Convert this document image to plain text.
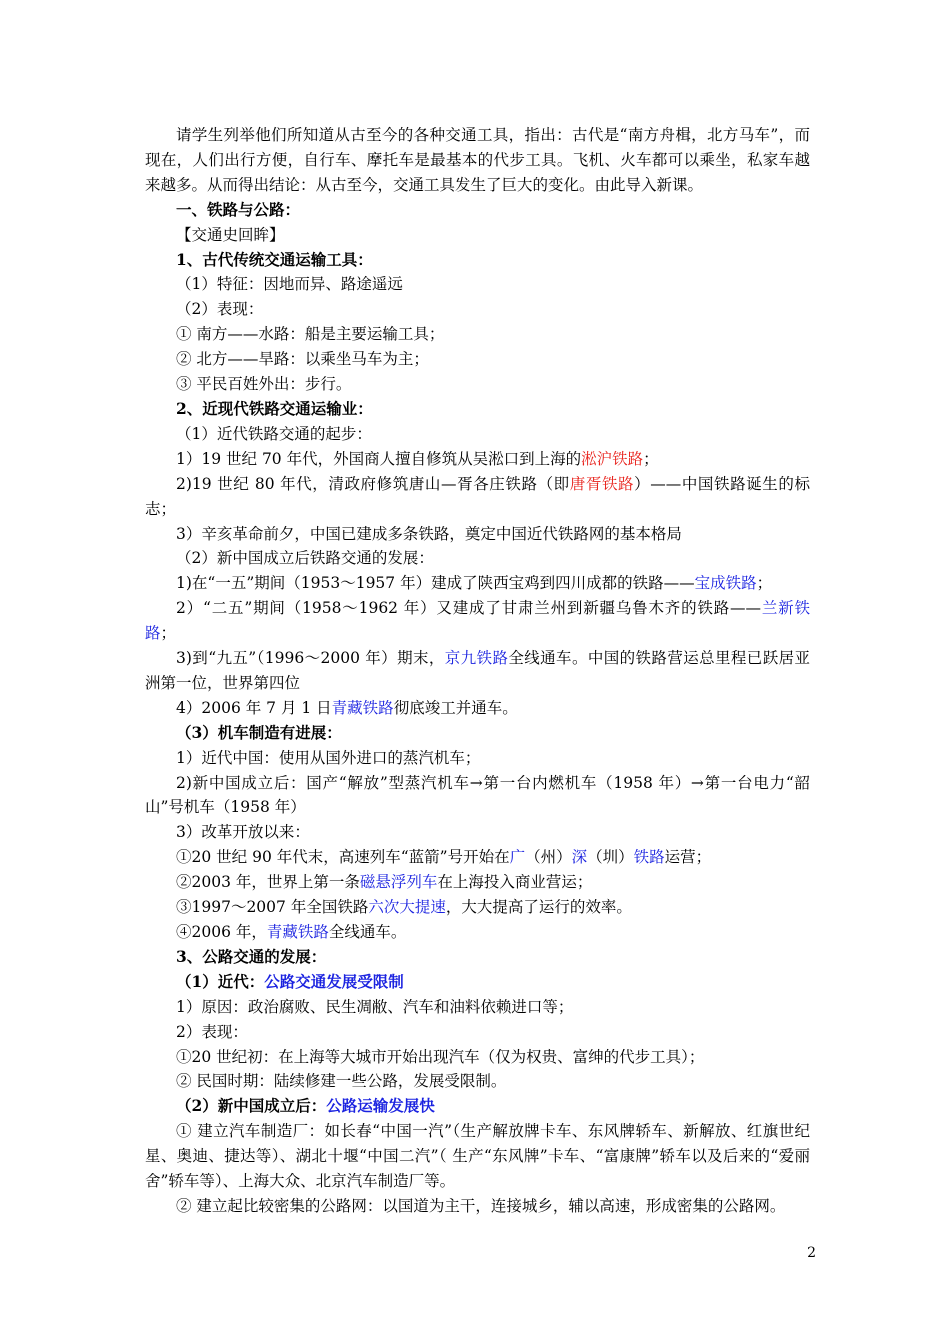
请学生列举他们所知道从古至今的各种交通工具，指出：古代是“南方舟楫，北方马车”，而现在，人们出行方便，自行车、摩托车是最基本的代步工具。飞机、火车都可以乘坐，私家车越来越多。从而得出结论：从古至今，交通工具发生了巨大的变化。由此导入新课。

一、铁路与公路：

【交通史回眸】

1、古代传统交通运输工具：

（1）特征：因地而异、路途遥远

（2）表现：

① 南方——水路：船是主要运输工具；

② 北方——旱路：以乘坐马车为主；

③ 平民百姓外出：步行。

2、近现代铁路交通运输业：

（1）近代铁路交通的起步：

1）19 世纪 70 年代，外国商人擅自修筑从吴淞口到上海的淞沪铁路；

2)19 世纪 80 年代，清政府修筑唐山—胥各庄铁路（即唐胥铁路）——中国铁路诞生的标志；

3）辛亥革命前夕，中国已建成多条铁路，奠定中国近代铁路网的基本格局

（2）新中国成立后铁路交通的发展：

1)在“一五”期间（1953～1957 年）建成了陕西宝鸡到四川成都的铁路——宝成铁路；

2）“二五”期间（1958～1962 年）又建成了甘肃兰州到新疆乌鲁木齐的铁路——兰新铁路；

3)到“九五”（1996～2000 年）期末，京九铁路全线通车。中国的铁路营运总里程已跃居亚洲第一位，世界第四位

4）2006 年 7 月 1 日青藏铁路彻底竣工并通车。

（3）机车制造有进展：

1）近代中国：使用从国外进口的蒸汽机车；

2)新中国成立后：国产“解放”型蒸汽机车→第一台内燃机车（1958 年）→第一台电力“韶山”号机车（1958 年）

3）改革开放以来：

①20 世纪 90 年代末，高速列车“蓝箭”号开始在广（州）深（圳）铁路运营；

②2003 年，世界上第一条磁悬浮列车在上海投入商业营运；

③1997～2007 年全国铁路六次大提速，大大提高了运行的效率。

④2006 年，青藏铁路全线通车。

3、公路交通的发展：

（1）近代：公路交通发展受限制

1）原因：政治腐败、民生凋敝、汽车和油料依赖进口等；

2）表现：

①20 世纪初：在上海等大城市开始出现汽车（仅为权贵、富绅的代步工具）；

② 民国时期：陆续修建一些公路，发展受限制。

（2）新中国成立后：公路运输发展快

① 建立汽车制造厂：如长春“中国一汽”（生产解放牌卡车、东风牌轿车、新解放、红旗世纪星、奥迪、捷达等）、湖北十堰“中国二汽”（ 生产“东风牌”卡车、“富康牌”轿车以及后来的“爱丽舍”轿车等）、上海大众、北京汽车制造厂等。

② 建立起比较密集的公路网：以国道为主干，连接城乡，辅以高速，形成密集的公路网。

2
